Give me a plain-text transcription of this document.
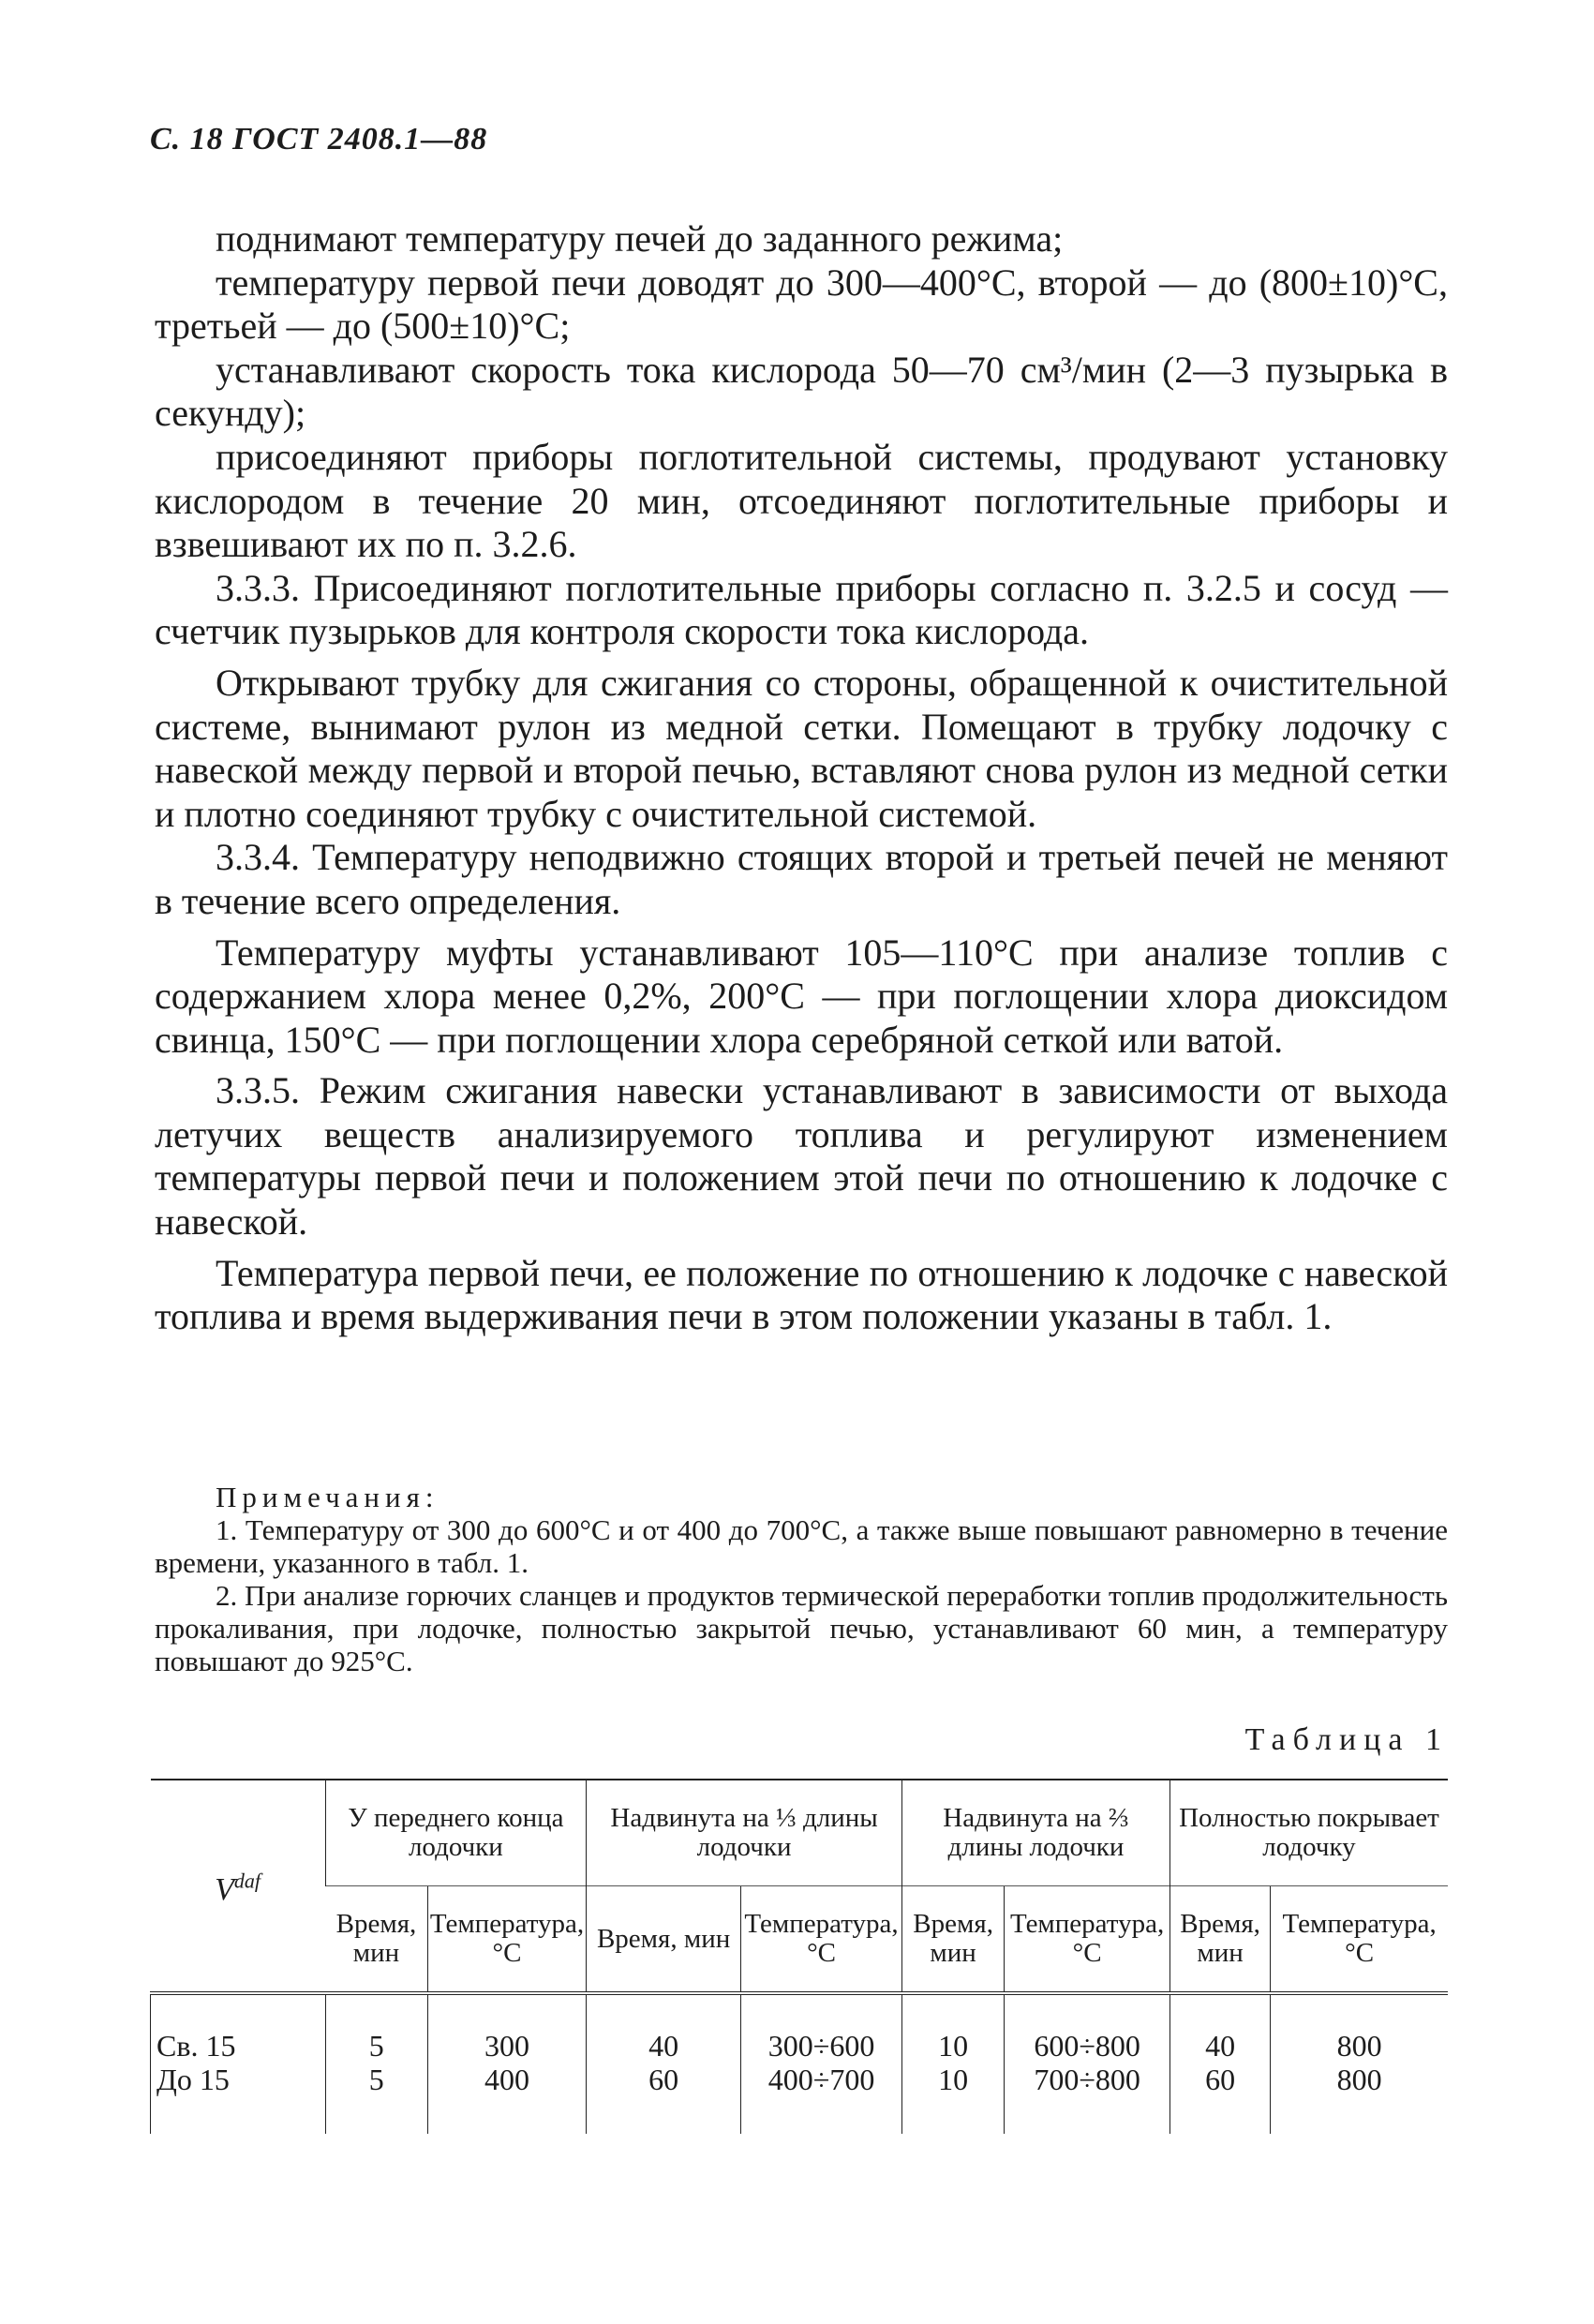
С. 18 ГОСТ 2408.1—88

поднимают температуру печей до заданного режима;

температуру первой печи доводят до 300—400°С, второй — до (800±10)°С, третьей — до (500±10)°С;

устанавливают скорость тока кислорода 50—70 см³/мин (2—3 пузырька в секунду);

присоединяют приборы поглотительной системы, продувают установку кислородом в течение 20 мин, отсоединяют поглотительные приборы и взвешивают их по п. 3.2.6.

3.3.3. Присоединяют поглотительные приборы согласно п. 3.2.5 и сосуд — счетчик пузырьков для контроля скорости тока кислорода.

Открывают трубку для сжигания со стороны, обращенной к очистительной системе, вынимают рулон из медной сетки. Помещают в трубку лодочку с навеской между первой и второй печью, вставляют снова рулон из медной сетки и плотно соединяют трубку с очистительной системой.

3.3.4. Температуру неподвижно стоящих второй и третьей печей не меняют в течение всего определения.

Температуру муфты устанавливают 105—110°С при анализе топлив с содержанием хлора менее 0,2%, 200°С — при поглощении хлора диоксидом свинца, 150°С — при поглощении хлора серебряной сеткой или ватой.

3.3.5. Режим сжигания навески устанавливают в зависимости от выхода летучих веществ анализируемого топлива и регулируют изменением температуры первой печи и положением этой печи по отношению к лодочке с навеской.

Температура первой печи, ее положение по отношению к лодочке с навеской топлива и время выдерживания печи в этом положении указаны в табл. 1.

Примечания:

1. Температуру от 300 до 600°С и от 400 до 700°С, а также выше повышают равномерно в течение времени, указанного в табл. 1.

2. При анализе горючих сланцев и продуктов термической переработки топлив продолжительность прокаливания, при лодочке, полностью закрытой печью, устанавливают 60 мин, а температуру повышают до 925°С.

Таблица 1
$V^{daf}$	У переднего конца лодочки		Надвинута на ⅓ длины лодочки		Надвинута на ⅔ длины лодочки		Полностью покрывает лодочку	
	Время, мин	Температура, °С	Время, мин	Температура, °С	Время, мин	Температура, °С	Время, мин	Температура, °С
Св. 15	5	300	40	300÷600	10	600÷800	40	800
До 15	5	400	60	400÷700	10	700÷800	60	800
